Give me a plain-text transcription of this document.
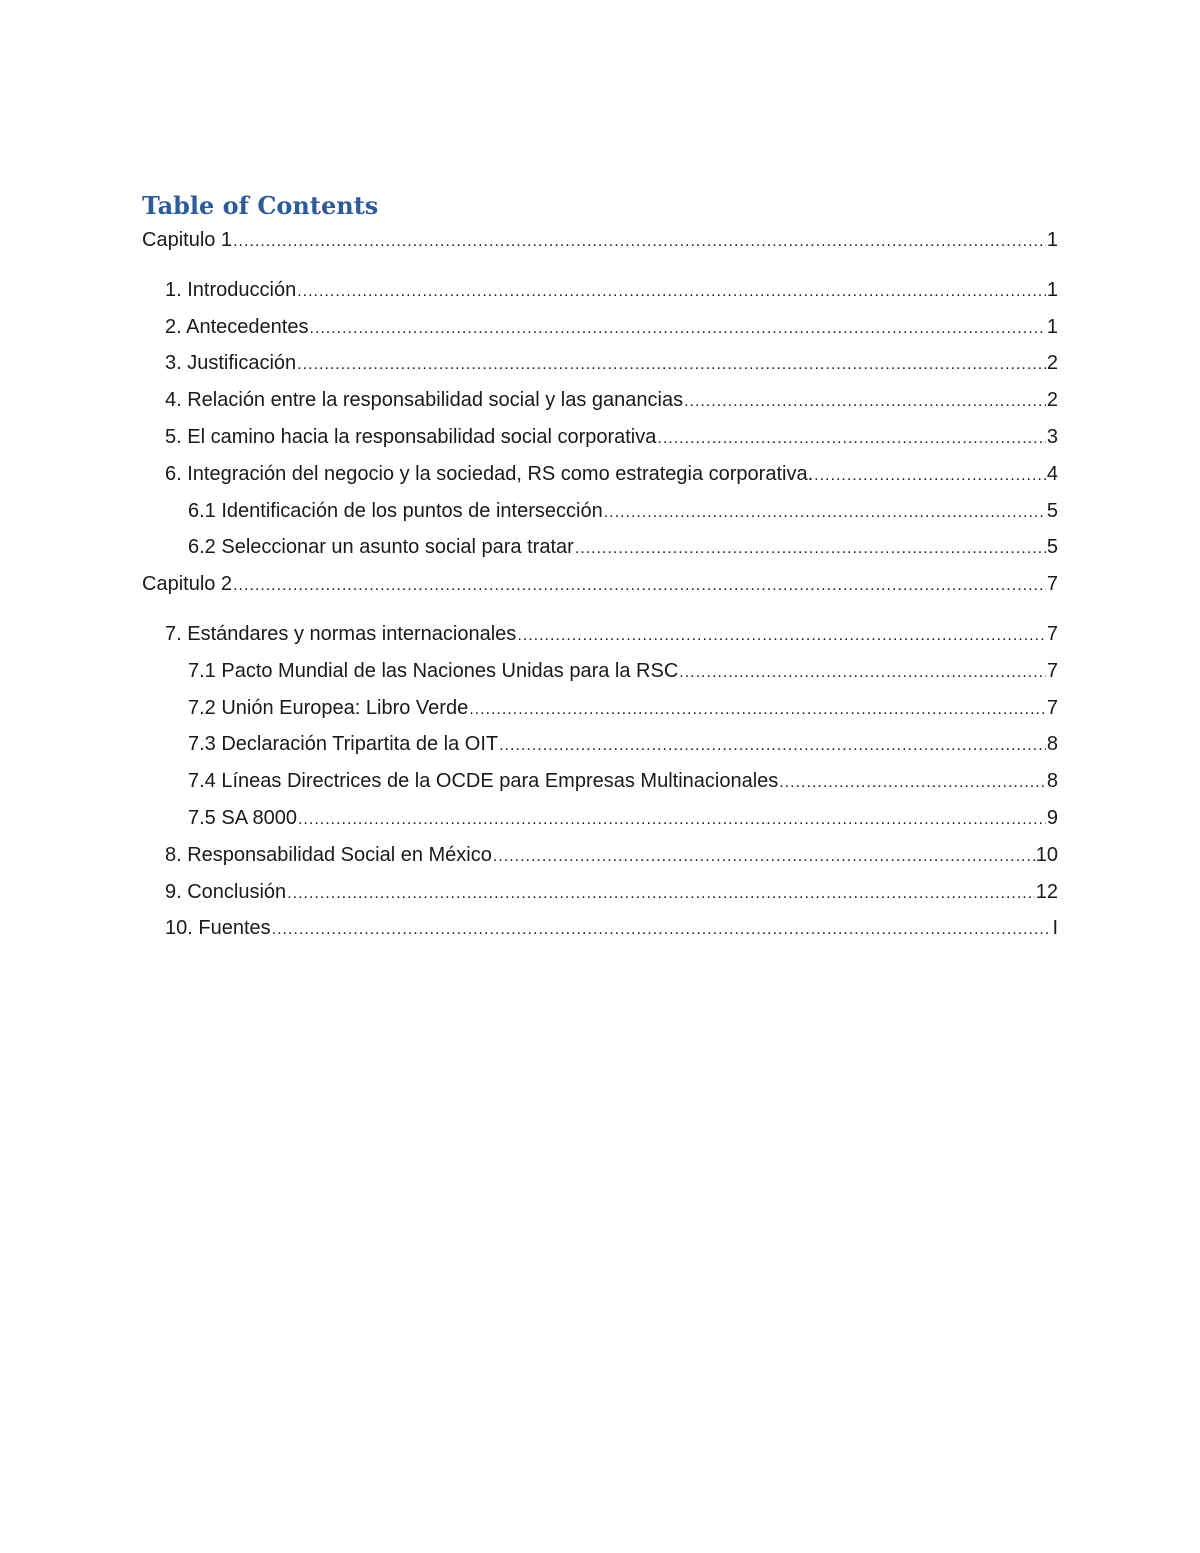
Table of Contents
Capitulo 1 .....	1
1. Introducción .....	1
2. Antecedentes .....	1
3. Justificación .....	2
4. Relación entre la responsabilidad social y las ganancias .....	2
5. El camino hacia la responsabilidad social corporativa .....	3
6. Integración del negocio y la sociedad, RS como estrategia corporativa. .....	4
6.1 Identificación de los puntos de intersección .....	5
6.2 Seleccionar un asunto social para tratar .....	5
Capitulo 2 .....	7
7. Estándares y normas internacionales .....	7
7.1 Pacto Mundial de las Naciones Unidas para la RSC .....	7
7.2 Unión Europea: Libro Verde .....	7
7.3 Declaración Tripartita de la OIT .....	8
7.4 Líneas Directrices de la OCDE para Empresas Multinacionales .....	8
7.5 SA 8000 .....	9
8. Responsabilidad Social en México .....	10
9. Conclusión .....	12
10. Fuentes .....	I
